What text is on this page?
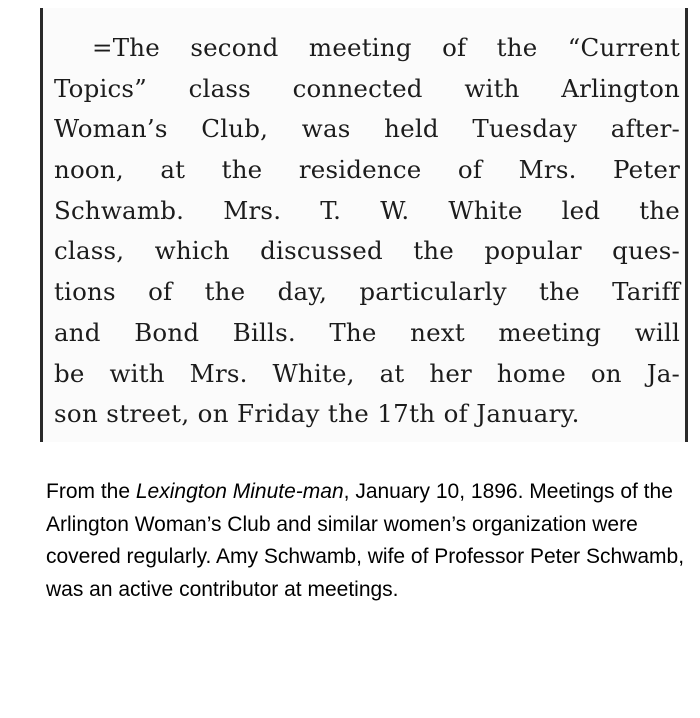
=The second meeting of the “Current
Topics” class connected with Arlington
Woman’s Club, was held Tuesday after-
noon, at the residence of Mrs. Peter
Schwamb. Mrs. T. W. White led the
class, which discussed the popular ques-
tions of the day, particularly the Tariff
and Bond Bills. The next meeting will
be with Mrs. White, at her home on Ja-
son street, on Friday the 17th of January.

From the Lexington Minute-man, January 10, 1896. Meetings of the Arlington Woman’s Club and similar women’s organization were covered regularly. Amy Schwamb, wife of Professor Peter Schwamb, was an active contributor at meetings.
